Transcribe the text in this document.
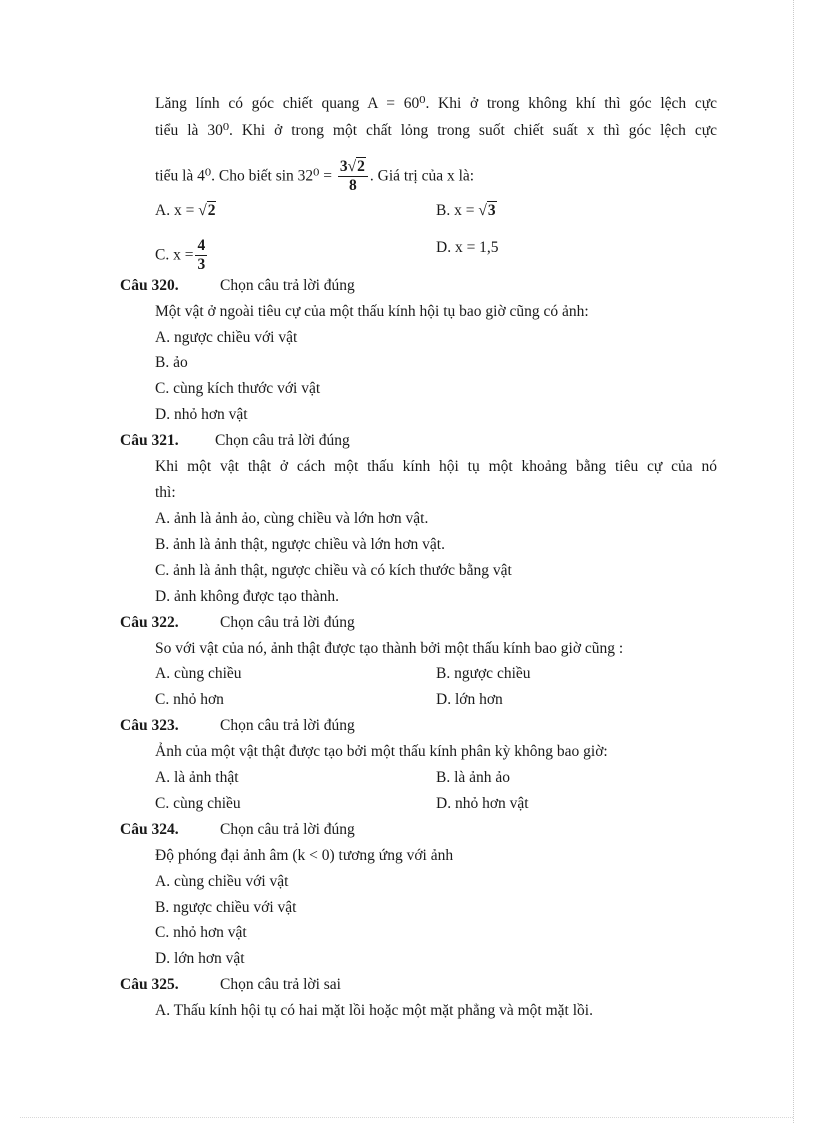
Lăng lính có góc chiết quang A = 60⁰. Khi ở trong không khí thì góc lệch cực
tiểu là 30⁰. Khi ở trong một chất lỏng trong suốt chiết suất x thì góc lệch cực
tiểu là 4⁰. Cho biết $\sin 32^0 = \frac{3√2}{8}$ . Giá trị của x là:
A. x = √2	B. x = √3
C. $x = \frac{4}{3}$	D. x = 1,5
Câu 320.	Chọn câu trả lời đúng
Một vật ở ngoài tiêu cự của một thấu kính hội tụ bao giờ cũng có ảnh:
A. ngược chiều với vật
B. ảo
C. cùng kích thước với vật
D. nhỏ hơn vật
Câu 321. Chọn câu trả lời đúng
Khi một vật thật ở cách một thấu kính hội tụ một khoảng bằng tiêu cự của nó
thì:
A. ảnh là ảnh ảo, cùng chiều và lớn hơn vật.
B. ảnh là ảnh thật, ngược chiều và lớn hơn vật.
C. ảnh là ảnh thật, ngược chiều và có kích thước bằng vật
D. ảnh không được tạo thành.
Câu 322.	Chọn câu trả lời đúng
So với vật của nó, ảnh thật được tạo thành bởi một thấu kính bao giờ cũng :
A. cùng chiều	B. ngược chiều
C. nhỏ hơn	D. lớn hơn
Câu 323.	Chọn câu trả lời đúng
Ảnh của một vật thật được tạo bởi một thấu kính phân kỳ không bao giờ:
A. là ảnh thật	B. là ảnh ảo
C. cùng chiều	D. nhỏ hơn vật
Câu 324.	Chọn câu trả lời đúng
Độ phóng đại ảnh âm (k < 0) tương ứng với ảnh
A. cùng chiều với vật
B. ngược chiều với vật
C. nhỏ hơn vật
D. lớn hơn vật
Câu 325.	Chọn câu trả lời sai
A. Thấu kính hội tụ có hai mặt lồi hoặc một mặt phẳng và một mặt lồi.
